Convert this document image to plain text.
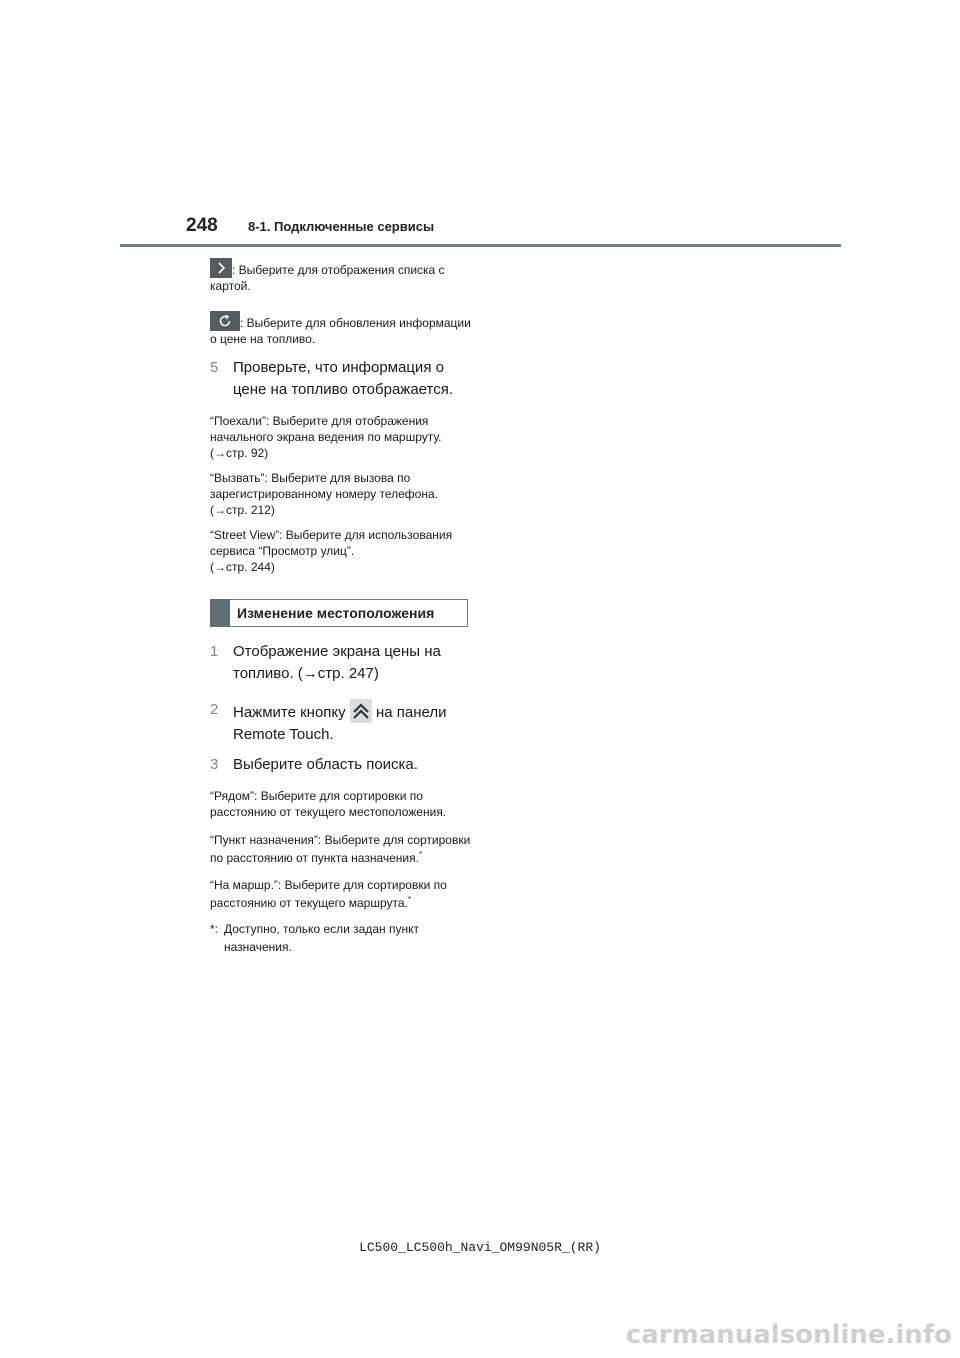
248 8-1. Подключенные сервисы

: Выберите для отображения списка с картой.

: Выберите для обновления информации о цене на топливо.

5 Проверьте, что информация о цене на топливо отображается.

“Поехали”: Выберите для отображения начального экрана ведения по маршруту.
(→стр. 92)

“Вызвать”: Выберите для вызова по зарегистрированному номеру телефона.
(→стр. 212)

“Street View”: Выберите для использования сервиса “Просмотр улиц”.
(→стр. 244)

Изменение местоположения

1 Отображение экрана цены на топливо. (→стр. 247)

2 Нажмите кнопку на панели Remote Touch.

3 Выберите область поиска.

“Рядом”: Выберите для сортировки по расстоянию от текущего местоположения.

“Пункт назначения”: Выберите для сортировки по расстоянию от пункта назначения.*

“На маршр.”: Выберите для сортировки по расстоянию от текущего маршрута.*

*: Доступно, только если задан пункт назначения.

LC500_LC500h_Navi_OM99N05R_(RR)
carmanualsonline.info
